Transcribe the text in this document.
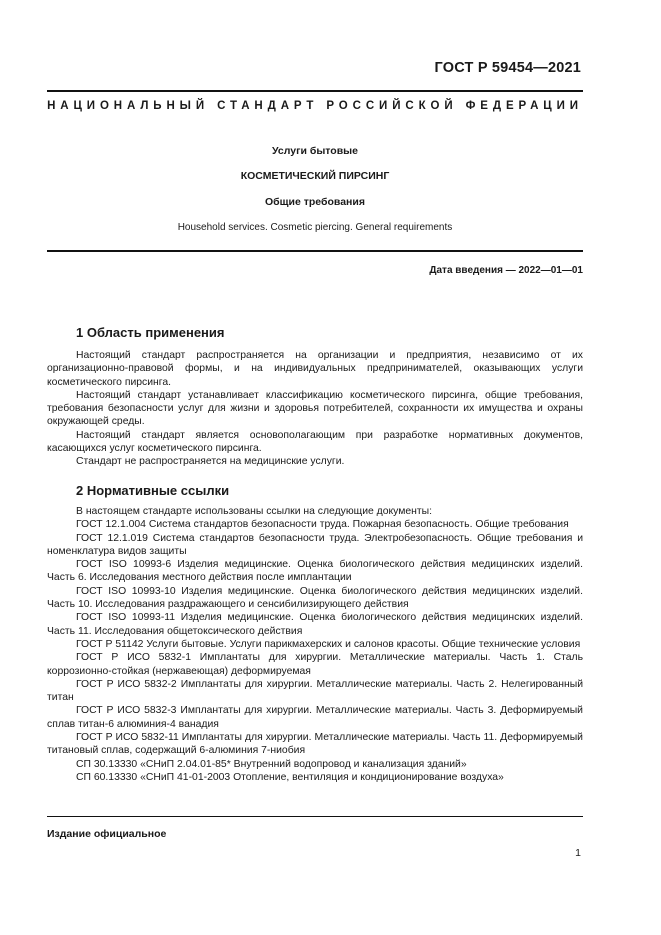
ГОСТ Р 59454—2021
НАЦИОНАЛЬНЫЙ СТАНДАРТ РОССИЙСКОЙ ФЕДЕРАЦИИ
Услуги бытовые
КОСМЕТИЧЕСКИЙ ПИРСИНГ
Общие требования
Household services. Cosmetic piercing. General requirements
Дата введения — 2022—01—01
1 Область применения

Настоящий стандарт распространяется на организации и предприятия, независимо от их организационно-правовой формы, и на индивидуальных предпринимателей, оказывающих услуги косметического пирсинга.

Настоящий стандарт устанавливает классификацию косметического пирсинга, общие требования, требования безопасности услуг для жизни и здоровья потребителей, сохранности их имущества и охраны окружающей среды.

Настоящий стандарт является основополагающим при разработке нормативных документов, касающихся услуг косметического пирсинга.

Стандарт не распространяется на медицинские услуги.

2 Нормативные ссылки

В настоящем стандарте использованы ссылки на следующие документы:

ГОСТ 12.1.004 Система стандартов безопасности труда. Пожарная безопасность. Общие требования

ГОСТ 12.1.019 Система стандартов безопасности труда. Электробезопасность. Общие требования и номенклатура видов защиты

ГОСТ ISO 10993-6 Изделия медицинские. Оценка биологического действия медицинских изделий. Часть 6. Исследования местного действия после имплантации

ГОСТ ISO 10993-10 Изделия медицинские. Оценка биологического действия медицинских изделий. Часть 10. Исследования раздражающего и сенсибилизирующего действия

ГОСТ ISO 10993-11 Изделия медицинские. Оценка биологического действия медицинских изделий. Часть 11. Исследования общетоксического действия

ГОСТ Р 51142 Услуги бытовые. Услуги парикмахерских и салонов красоты. Общие технические условия

ГОСТ Р ИСО 5832-1 Имплантаты для хирургии. Металлические материалы. Часть 1. Сталь коррозионно-стойкая (нержавеющая) деформируемая

ГОСТ Р ИСО 5832-2 Имплантаты для хирургии. Металлические материалы. Часть 2. Нелегированный титан

ГОСТ Р ИСО 5832-3 Имплантаты для хирургии. Металлические материалы. Часть 3. Деформируемый сплав титан-6 алюминия-4 ванадия

ГОСТ Р ИСО 5832-11 Имплантаты для хирургии. Металлические материалы. Часть 11. Деформируемый титановый сплав, содержащий 6-алюминия 7-ниобия

СП 30.13330 «СНиП 2.04.01-85* Внутренний водопровод и канализация зданий»

СП 60.13330 «СНиП 41-01-2003 Отопление, вентиляция и кондиционирование воздуха»

Издание официальное
1
